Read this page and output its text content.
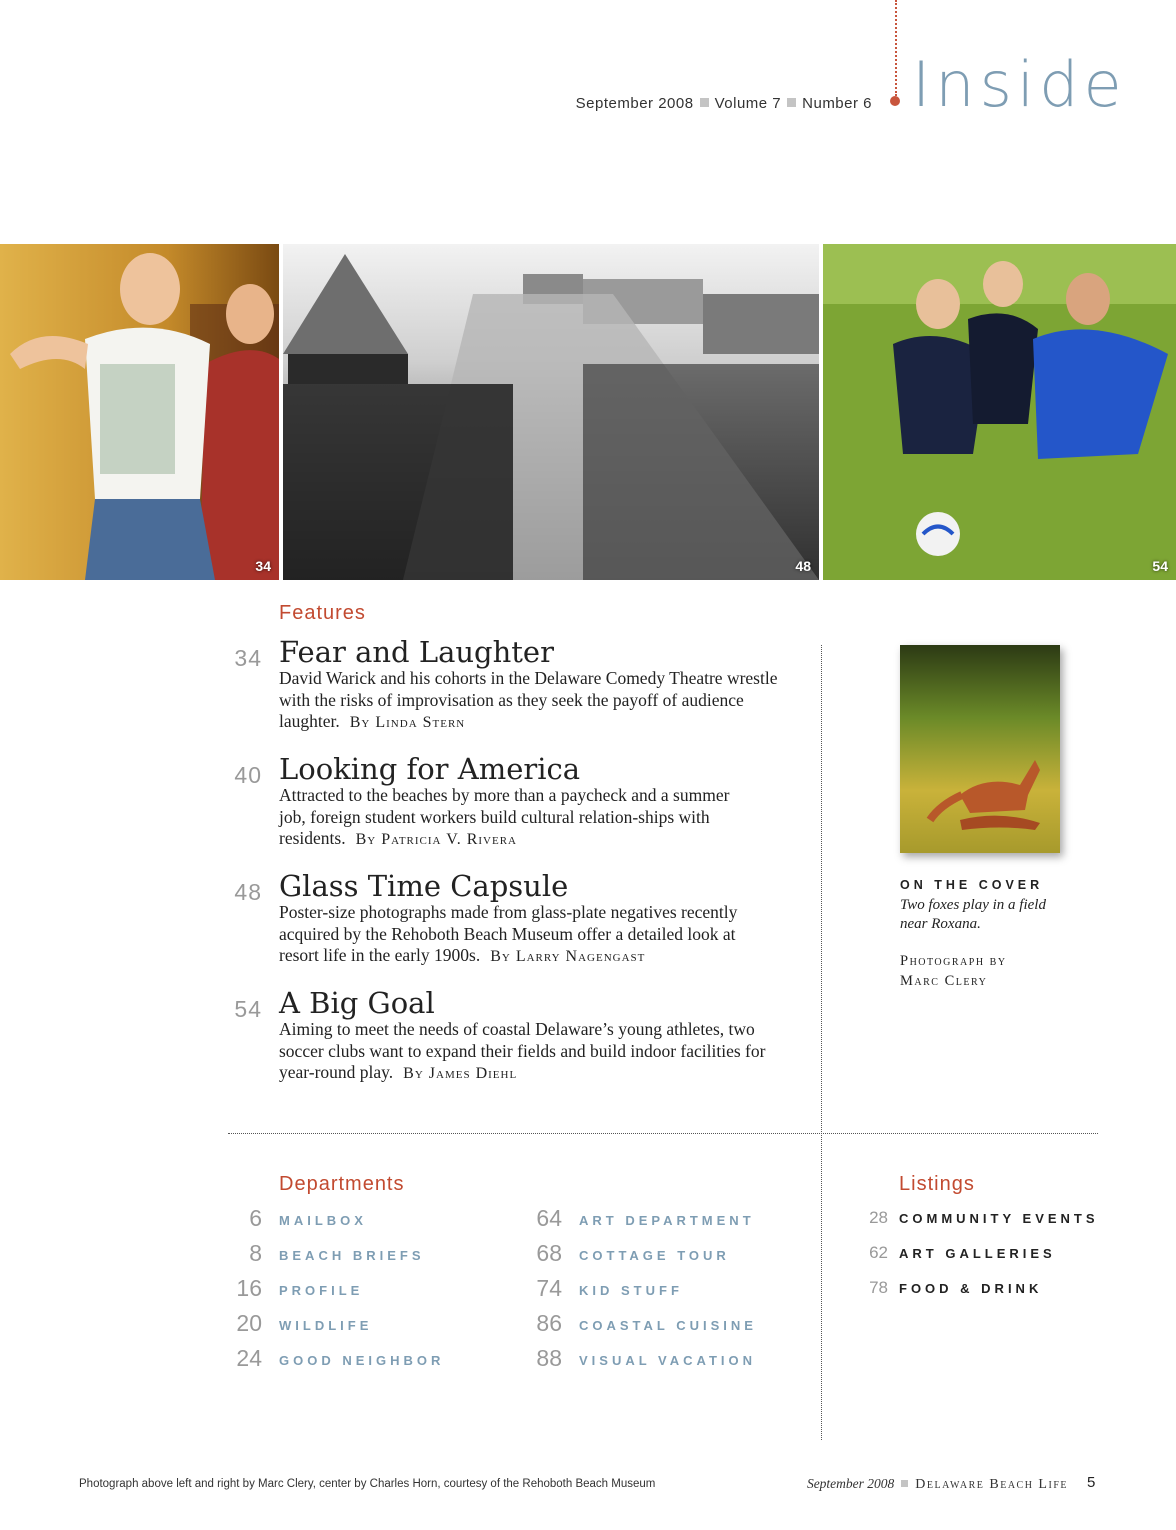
Inside
September 2008 Volume 7 Number 6
34	48	54
Features
34 Fear and Laughter
David Warick and his cohorts in the Delaware Comedy Theatre wrestle with the risks of improvisation as they seek the payoff of audience laughter. By Linda Stern
40 Looking for America
Attracted to the beaches by more than a paycheck and a summer job, foreign student workers build cultural relation-ships with residents. By Patricia V. Rivera
48 Glass Time Capsule
Poster-size photographs made from glass-plate negatives recently acquired by the Rehoboth Beach Museum offer a detailed look at resort life in the early 1900s. By Larry Nagengast
54 A Big Goal
Aiming to meet the needs of coastal Delaware’s young athletes, two soccer clubs want to expand their fields and build indoor facilities for year-round play. By James Diehl
ON THE COVER
Two foxes play in a field near Roxana.
Photograph by
Marc Clery
Departments
6 MAILBOX
8 BEACH BRIEFS
16 PROFILE
20 WILDLIFE
24 GOOD NEIGHBOR
64 ART DEPARTMENT
68 COTTAGE TOUR
74 KID STUFF
86 COASTAL CUISINE
88 VISUAL VACATION
Listings
28 COMMUNITY EVENTS
62 ART GALLERIES
78 FOOD & DRINK
Photograph above left and right by Marc Clery, center by Charles Horn, courtesy of the Rehoboth Beach Museum	September 2008 Delaware Beach Life 5
